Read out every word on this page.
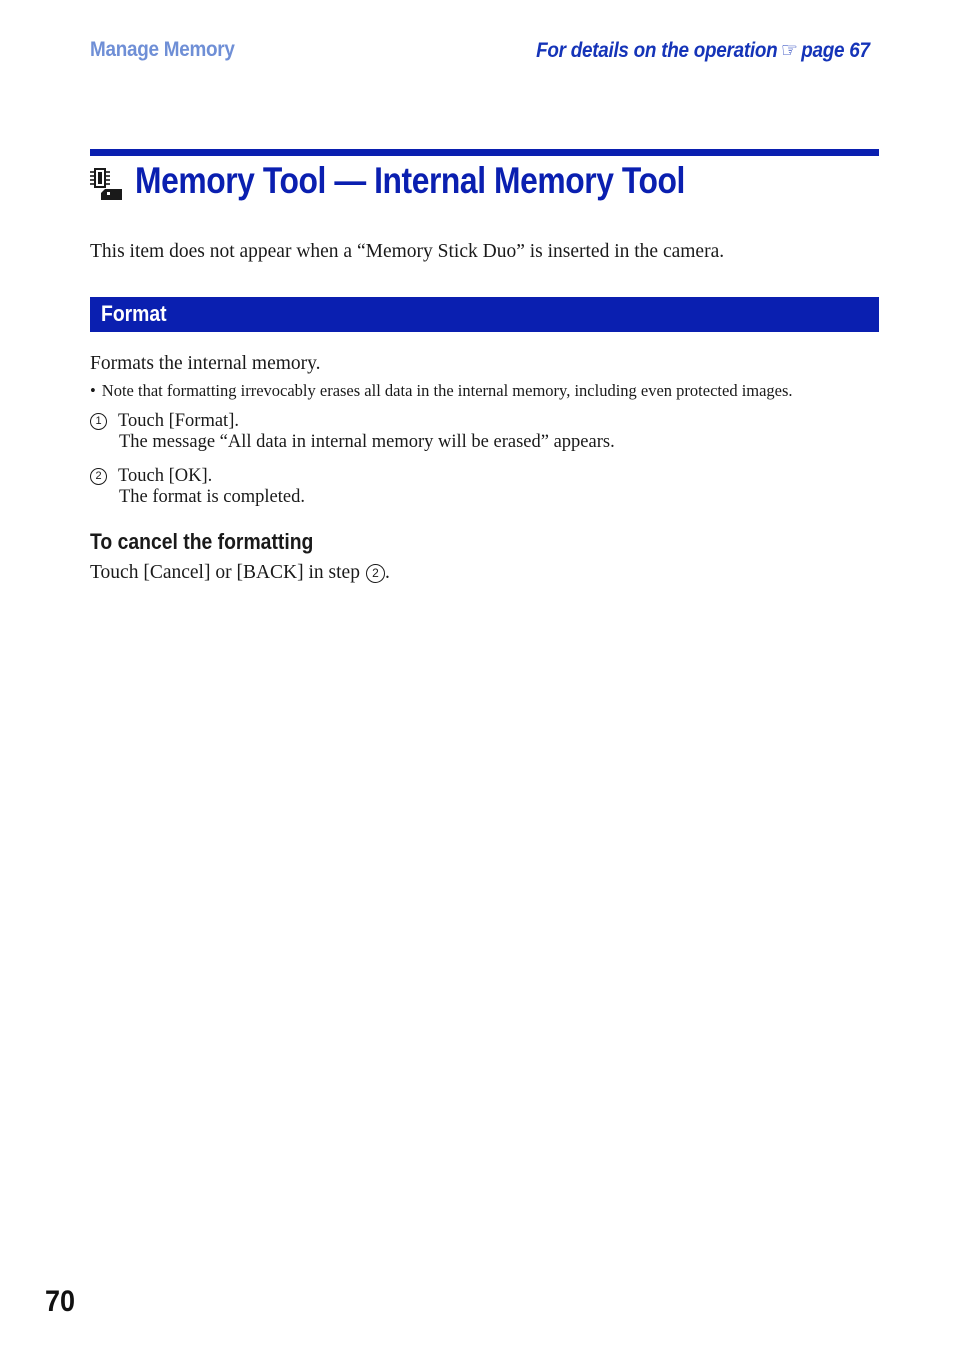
Manage Memory	For details on the operation ☞ page 67
Memory Tool — Internal Memory Tool
This item does not appear when a “Memory Stick Duo” is inserted in the camera.
Format
Formats the internal memory.
• Note that formatting irrevocably erases all data in the internal memory, including even protected images.
1 Touch [Format].
The message “All data in internal memory will be erased” appears.
2 Touch [OK].
The format is completed.
To cancel the formatting
Touch [Cancel] or [BACK] in step 2 .
70
